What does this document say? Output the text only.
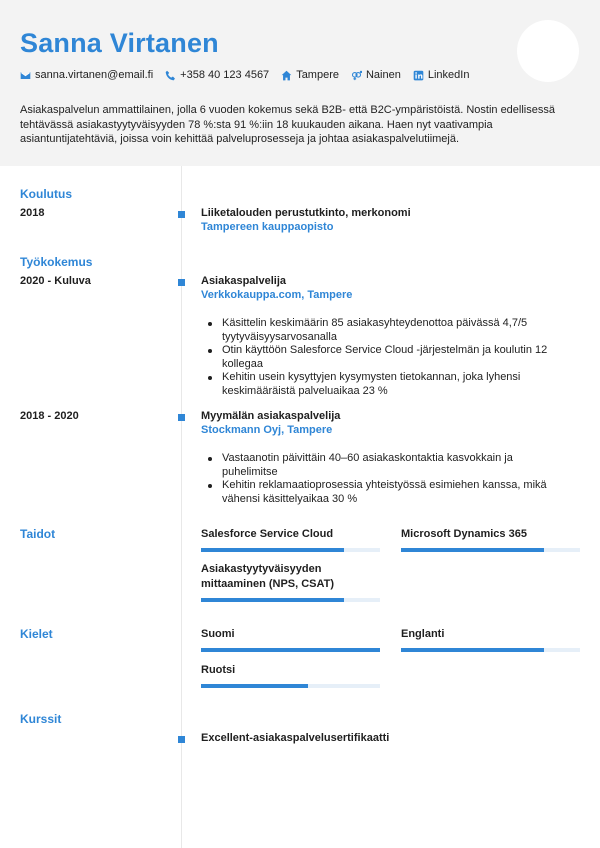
Sanna Virtanen
sanna.virtanen@email.fi +358 40 123 4567 Tampere Nainen LinkedIn
Asiakaspalvelun ammattilainen, jolla 6 vuoden kokemus sekä B2B- että B2C-ympäristöistä. Nostin edellisessä tehtävässä asiakastyytyväisyyden 78 %:sta 91 %:iin 18 kuukauden aikana. Haen nyt vaativampia asiantuntijatehtäviä, joissa voin kehittää palveluprosesseja ja johtaa asiakaspalvelutiimejä.
Koulutus
2018	Liiketalouden perustutkinto, merkonomi
Tampereen kauppaopisto
Työkokemus
2020 - Kuluva	Asiakaspalvelija
Verkkokauppa.com, Tampere
Käsittelin keskimäärin 85 asiakasyhteydenottoa päivässä 4,7/5 tyytyväisyysarvosanalla
Otin käyttöön Salesforce Service Cloud -järjestelmän ja koulutin 12 kollegaa
Kehitin usein kysyttyjen kysymysten tietokannan, joka lyhensi keskimääräistä palveluaikaa 23 %
2018 - 2020	Myymälän asiakaspalvelija
Stockmann Oyj, Tampere
Vastaanotin päivittäin 40–60 asiakaskontaktia kasvokkain ja puhelimitse
Kehitin reklamaatioprosessia yhteistyössä esimiehen kanssa, mikä vähensi käsittelyaikaa 30 %
Taidot	Salesforce Service Cloud	Microsoft Dynamics 365
Asiakastyytyväisyyden mittaaminen (NPS, CSAT)
Kielet	Suomi	Englanti
Ruotsi
Kurssit
Excellent-asiakaspalvelusertifikaatti
